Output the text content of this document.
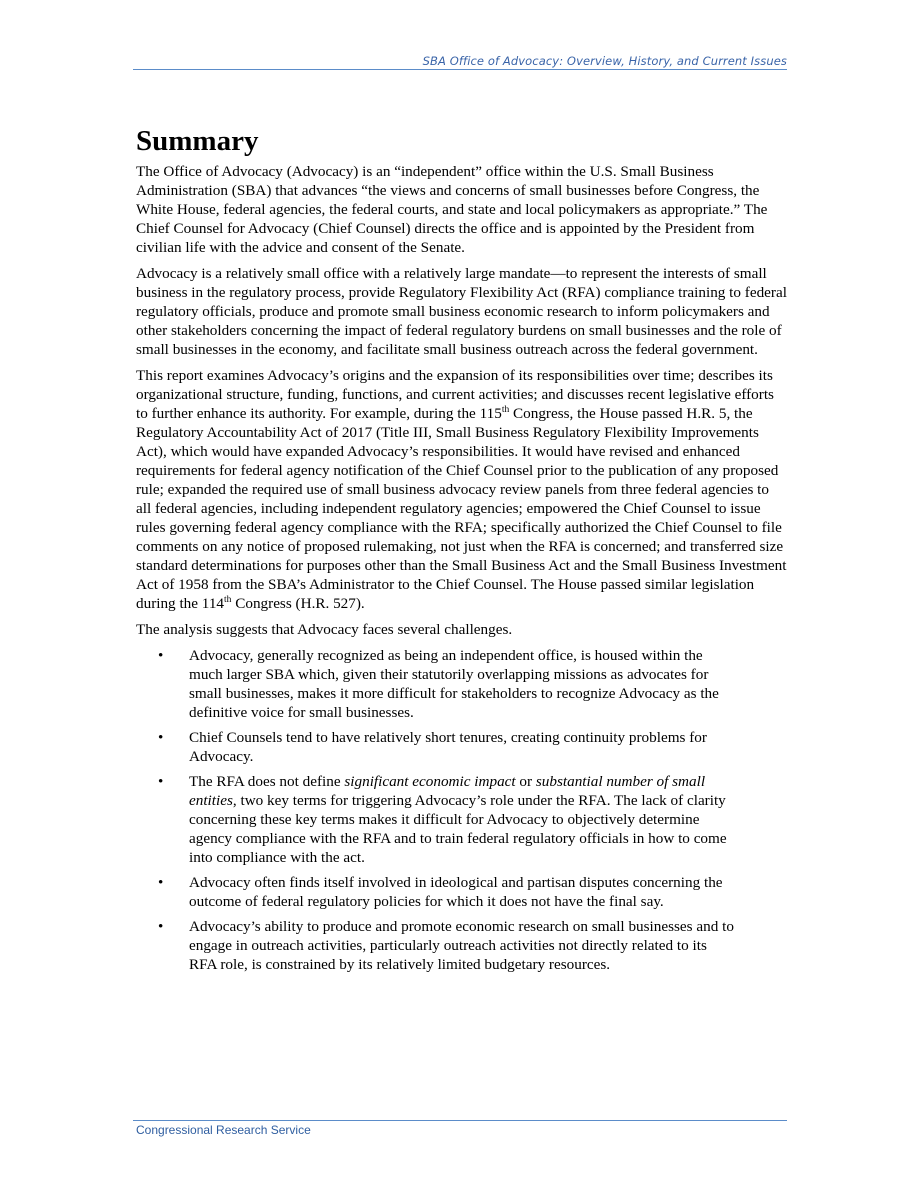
SBA Office of Advocacy: Overview, History, and Current Issues
Summary

The Office of Advocacy (Advocacy) is an “independent” office within the U.S. Small Business Administration (SBA) that advances “the views and concerns of small businesses before Congress, the White House, federal agencies, the federal courts, and state and local policymakers as appropriate.” The Chief Counsel for Advocacy (Chief Counsel) directs the office and is appointed by the President from civilian life with the advice and consent of the Senate.

Advocacy is a relatively small office with a relatively large mandate—to represent the interests of small business in the regulatory process, provide Regulatory Flexibility Act (RFA) compliance training to federal regulatory officials, produce and promote small business economic research to inform policymakers and other stakeholders concerning the impact of federal regulatory burdens on small businesses and the role of small businesses in the economy, and facilitate small business outreach across the federal government.

This report examines Advocacy’s origins and the expansion of its responsibilities over time; describes its organizational structure, funding, functions, and current activities; and discusses recent legislative efforts to further enhance its authority. For example, during the 115th Congress, the House passed H.R. 5, the Regulatory Accountability Act of 2017 (Title III, Small Business Regulatory Flexibility Improvements Act), which would have expanded Advocacy’s responsibilities. It would have revised and enhanced requirements for federal agency notification of the Chief Counsel prior to the publication of any proposed rule; expanded the required use of small business advocacy review panels from three federal agencies to all federal agencies, including independent regulatory agencies; empowered the Chief Counsel to issue rules governing federal agency compliance with the RFA; specifically authorized the Chief Counsel to file comments on any notice of proposed rulemaking, not just when the RFA is concerned; and transferred size standard determinations for purposes other than the Small Business Act and the Small Business Investment Act of 1958 from the SBA’s Administrator to the Chief Counsel. The House passed similar legislation during the 114th Congress (H.R. 527).

The analysis suggests that Advocacy faces several challenges.

• Advocacy, generally recognized as being an independent office, is housed within the much larger SBA which, given their statutorily overlapping missions as advocates for small businesses, makes it more difficult for stakeholders to recognize Advocacy as the definitive voice for small businesses.
• Chief Counsels tend to have relatively short tenures, creating continuity problems for Advocacy.
• The RFA does not define significant economic impact or substantial number of small entities, two key terms for triggering Advocacy’s role under the RFA. The lack of clarity concerning these key terms makes it difficult for Advocacy to objectively determine agency compliance with the RFA and to train federal regulatory officials in how to come into compliance with the act.
• Advocacy often finds itself involved in ideological and partisan disputes concerning the outcome of federal regulatory policies for which it does not have the final say.
• Advocacy’s ability to produce and promote economic research on small businesses and to engage in outreach activities, particularly outreach activities not directly related to its RFA role, is constrained by its relatively limited budgetary resources.
Congressional Research Service
